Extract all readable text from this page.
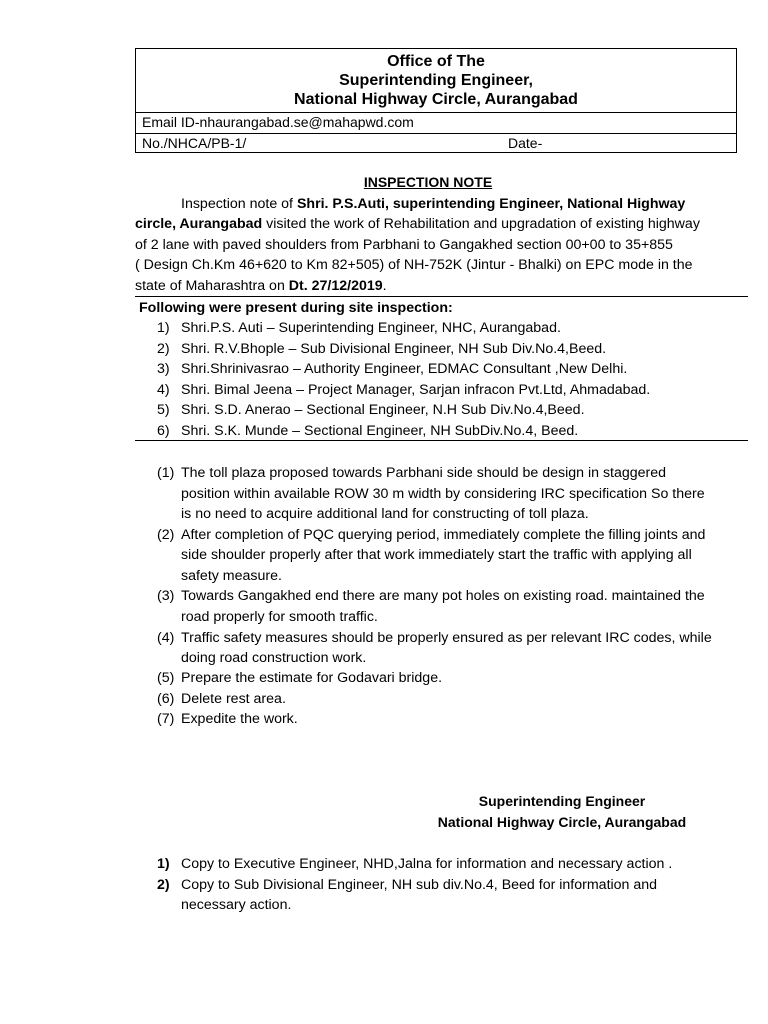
Office of The
Superintending Engineer,
National Highway Circle, Aurangabad
Email ID-nhaurangabad.se@mahapwd.com
No./NHCA/PB-1/	Date-
INSPECTION NOTE
Inspection note of Shri. P.S.Auti, superintending Engineer, National Highway
circle, Aurangabad visited the work of Rehabilitation and upgradation of existing highway
of 2 lane with paved shoulders from Parbhani to Gangakhed section 00+00 to 35+855
( Design Ch.Km 46+620 to Km 82+505) of NH-752K (Jintur - Bhalki) on EPC mode in the
state of Maharashtra on Dt. 27/12/2019.
Following were present during site inspection:
1) Shri.P.S. Auti – Superintending Engineer, NHC, Aurangabad.
2) Shri. R.V.Bhople – Sub Divisional Engineer, NH Sub Div.No.4,Beed.
3) Shri.Shrinivasrao – Authority Engineer, EDMAC Consultant ,New Delhi.
4) Shri. Bimal Jeena – Project Manager, Sarjan infracon Pvt.Ltd, Ahmadabad.
5) Shri. S.D. Anerao – Sectional Engineer, N.H Sub Div.No.4,Beed.
6) Shri. S.K. Munde – Sectional Engineer, NH SubDiv.No.4, Beed.
(1) The toll plaza proposed towards Parbhani side should be design in staggered
position within available ROW 30 m width by considering IRC specification So there
is no need to acquire additional land for constructing of toll plaza.
(2) After completion of PQC querying period, immediately complete the filling joints and
side shoulder properly after that work immediately start the traffic with applying all
safety measure.
(3) Towards Gangakhed end there are many pot holes on existing road. maintained the
road properly for smooth traffic.
(4) Traffic safety measures should be properly ensured as per relevant IRC codes, while
doing road construction work.
(5) Prepare the estimate for Godavari bridge.
(6) Delete rest area.
(7) Expedite the work.
Superintending Engineer
National Highway Circle, Aurangabad
1) Copy to Executive Engineer, NHD,Jalna for information and necessary action .
2) Copy to Sub Divisional Engineer, NH sub div.No.4, Beed for information and
necessary action.
